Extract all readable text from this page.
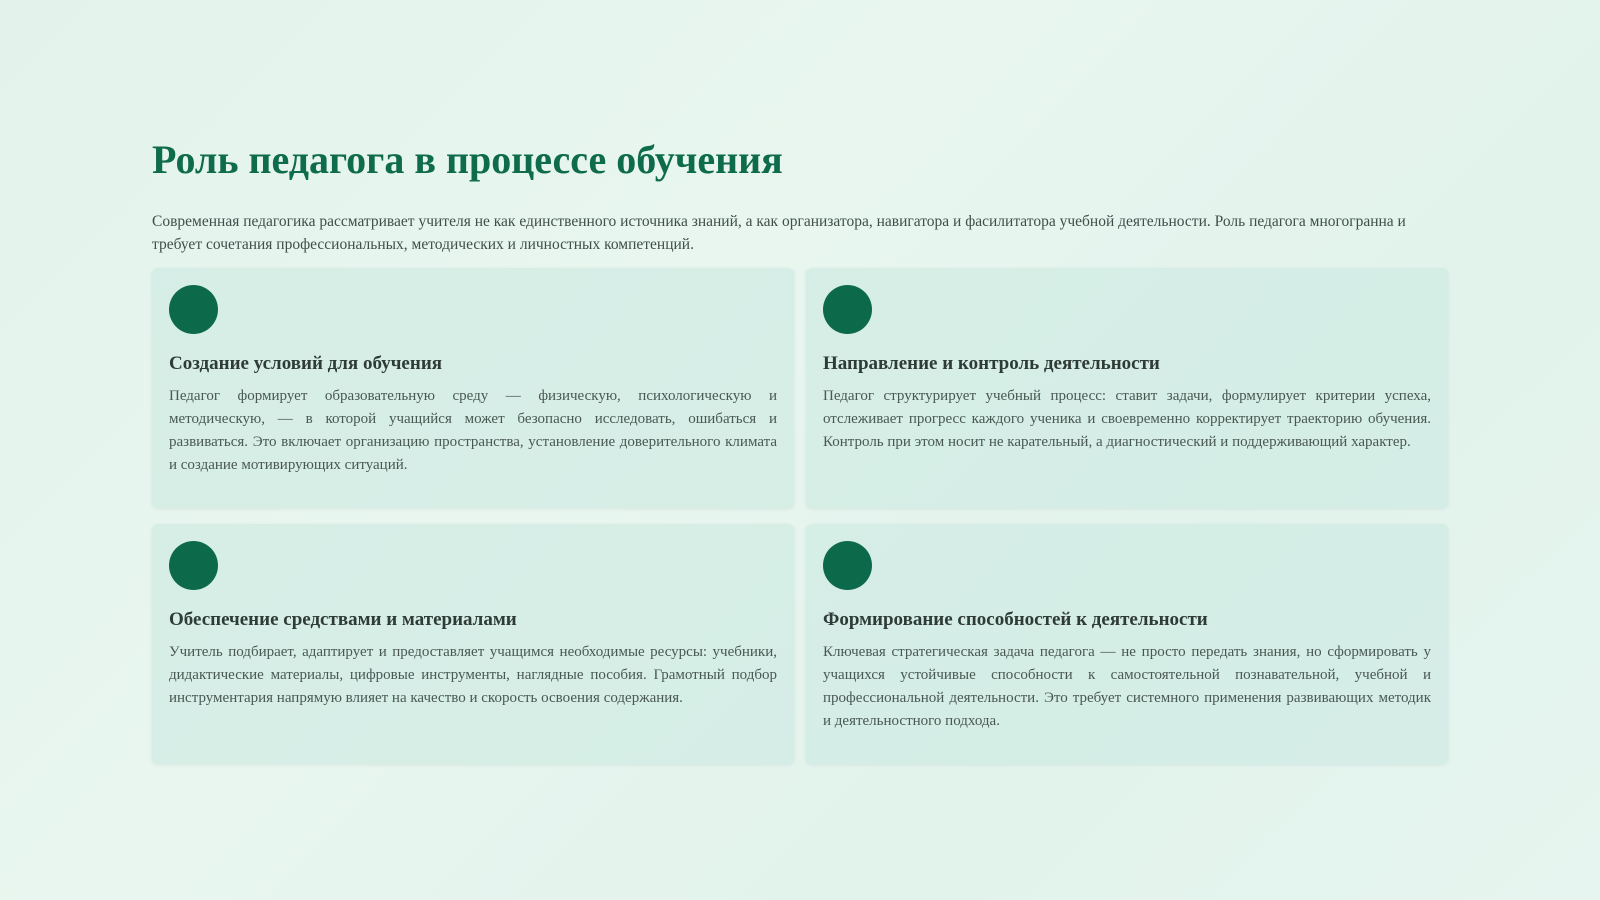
Роль педагога в процессе обучения

Современная педагогика рассматривает учителя не как единственного источника знаний, а как организатора, навигатора и фасилитатора учебной деятельности. Роль педагога многогранна и требует сочетания профессиональных, методических и личностных компетенций.

Создание условий для обучения

Педагог формирует образовательную среду — физическую, психологическую и методическую, — в которой учащийся может безопасно исследовать, ошибаться и развиваться. Это включает организацию пространства, установление доверительного климата и создание мотивирующих ситуаций.

Направление и контроль деятельности

Педагог структурирует учебный процесс: ставит задачи, формулирует критерии успеха, отслеживает прогресс каждого ученика и своевременно корректирует траекторию обучения. Контроль при этом носит не карательный, а диагностический и поддерживающий характер.

Обеспечение средствами и материалами

Учитель подбирает, адаптирует и предоставляет учащимся необходимые ресурсы: учебники, дидактические материалы, цифровые инструменты, наглядные пособия. Грамотный подбор инструментария напрямую влияет на качество и скорость освоения содержания.

Формирование способностей к деятельности

Ключевая стратегическая задача педагога — не просто передать знания, но сформировать у учащихся устойчивые способности к самостоятельной познавательной, учебной и профессиональной деятельности. Это требует системного применения развивающих методик и деятельностного подхода.
